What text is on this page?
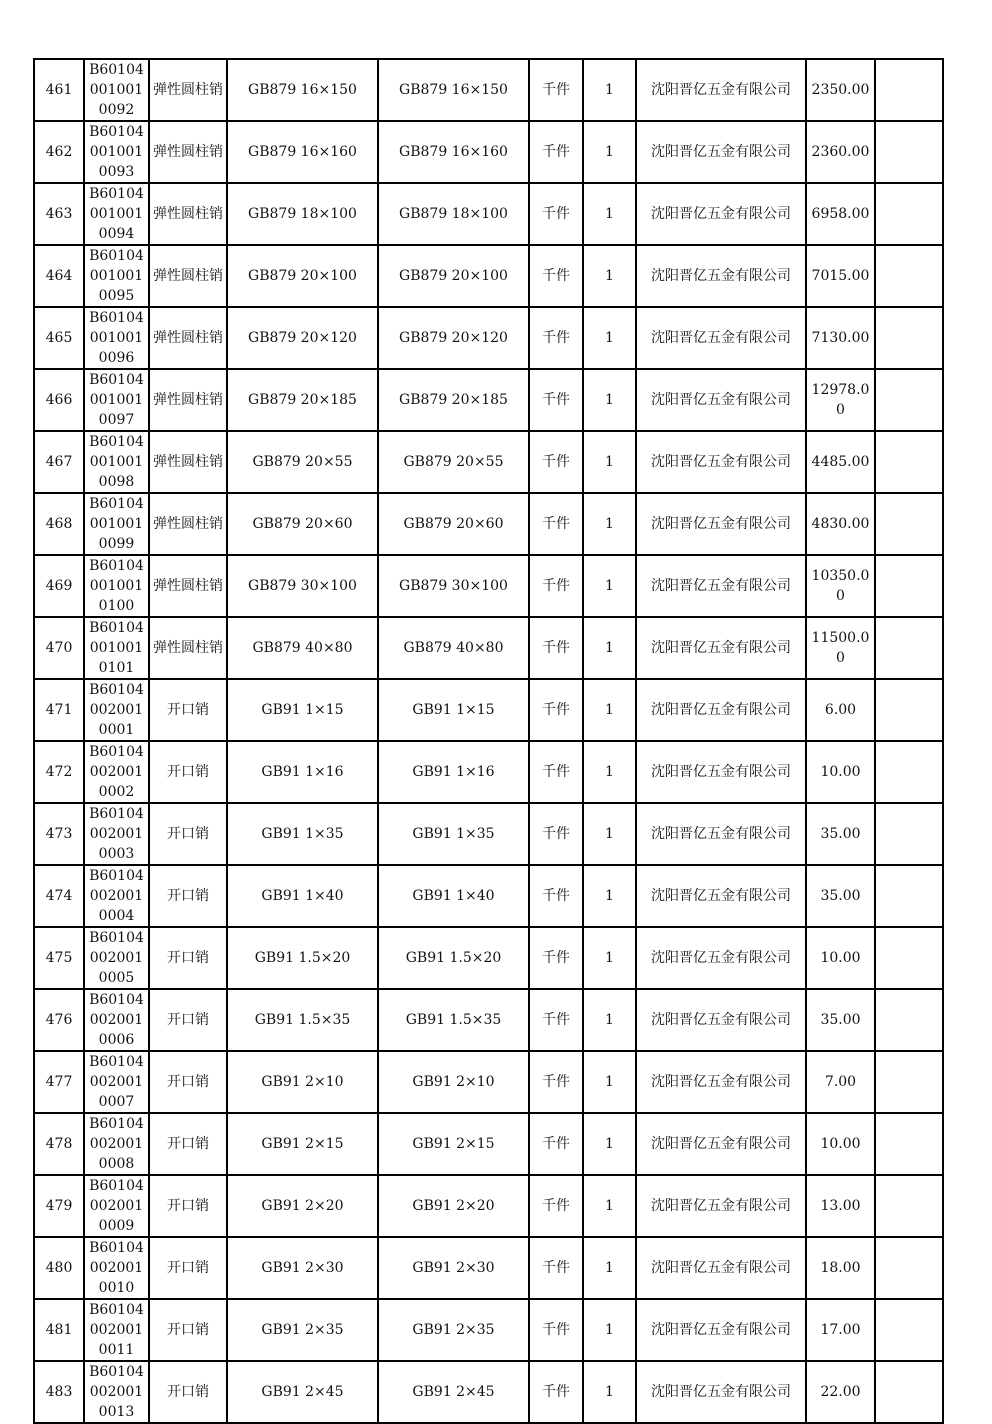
461	B601040010010092	弹性圆柱销	GB879 16×150	GB879 16×150	千件	1	沈阳晋亿五金有限公司	2350.00	
462	B601040010010093	弹性圆柱销	GB879 16×160	GB879 16×160	千件	1	沈阳晋亿五金有限公司	2360.00	
463	B601040010010094	弹性圆柱销	GB879 18×100	GB879 18×100	千件	1	沈阳晋亿五金有限公司	6958.00	
464	B601040010010095	弹性圆柱销	GB879 20×100	GB879 20×100	千件	1	沈阳晋亿五金有限公司	7015.00	
465	B601040010010096	弹性圆柱销	GB879 20×120	GB879 20×120	千件	1	沈阳晋亿五金有限公司	7130.00	
466	B601040010010097	弹性圆柱销	GB879 20×185	GB879 20×185	千件	1	沈阳晋亿五金有限公司	12978.00	
467	B601040010010098	弹性圆柱销	GB879 20×55	GB879 20×55	千件	1	沈阳晋亿五金有限公司	4485.00	
468	B601040010010099	弹性圆柱销	GB879 20×60	GB879 20×60	千件	1	沈阳晋亿五金有限公司	4830.00	
469	B601040010010100	弹性圆柱销	GB879 30×100	GB879 30×100	千件	1	沈阳晋亿五金有限公司	10350.00	
470	B601040010010101	弹性圆柱销	GB879 40×80	GB879 40×80	千件	1	沈阳晋亿五金有限公司	11500.00	
471	B601040020010001	开口销	GB91 1×15	GB91 1×15	千件	1	沈阳晋亿五金有限公司	6.00	
472	B601040020010002	开口销	GB91 1×16	GB91 1×16	千件	1	沈阳晋亿五金有限公司	10.00	
473	B601040020010003	开口销	GB91 1×35	GB91 1×35	千件	1	沈阳晋亿五金有限公司	35.00	
474	B601040020010004	开口销	GB91 1×40	GB91 1×40	千件	1	沈阳晋亿五金有限公司	35.00	
475	B601040020010005	开口销	GB91 1.5×20	GB91 1.5×20	千件	1	沈阳晋亿五金有限公司	10.00	
476	B601040020010006	开口销	GB91 1.5×35	GB91 1.5×35	千件	1	沈阳晋亿五金有限公司	35.00	
477	B601040020010007	开口销	GB91 2×10	GB91 2×10	千件	1	沈阳晋亿五金有限公司	7.00	
478	B601040020010008	开口销	GB91 2×15	GB91 2×15	千件	1	沈阳晋亿五金有限公司	10.00	
479	B601040020010009	开口销	GB91 2×20	GB91 2×20	千件	1	沈阳晋亿五金有限公司	13.00	
480	B601040020010010	开口销	GB91 2×30	GB91 2×30	千件	1	沈阳晋亿五金有限公司	18.00	
481	B601040020010011	开口销	GB91 2×35	GB91 2×35	千件	1	沈阳晋亿五金有限公司	17.00	
483	B601040020010013	开口销	GB91 2×45	GB91 2×45	千件	1	沈阳晋亿五金有限公司	22.00	
